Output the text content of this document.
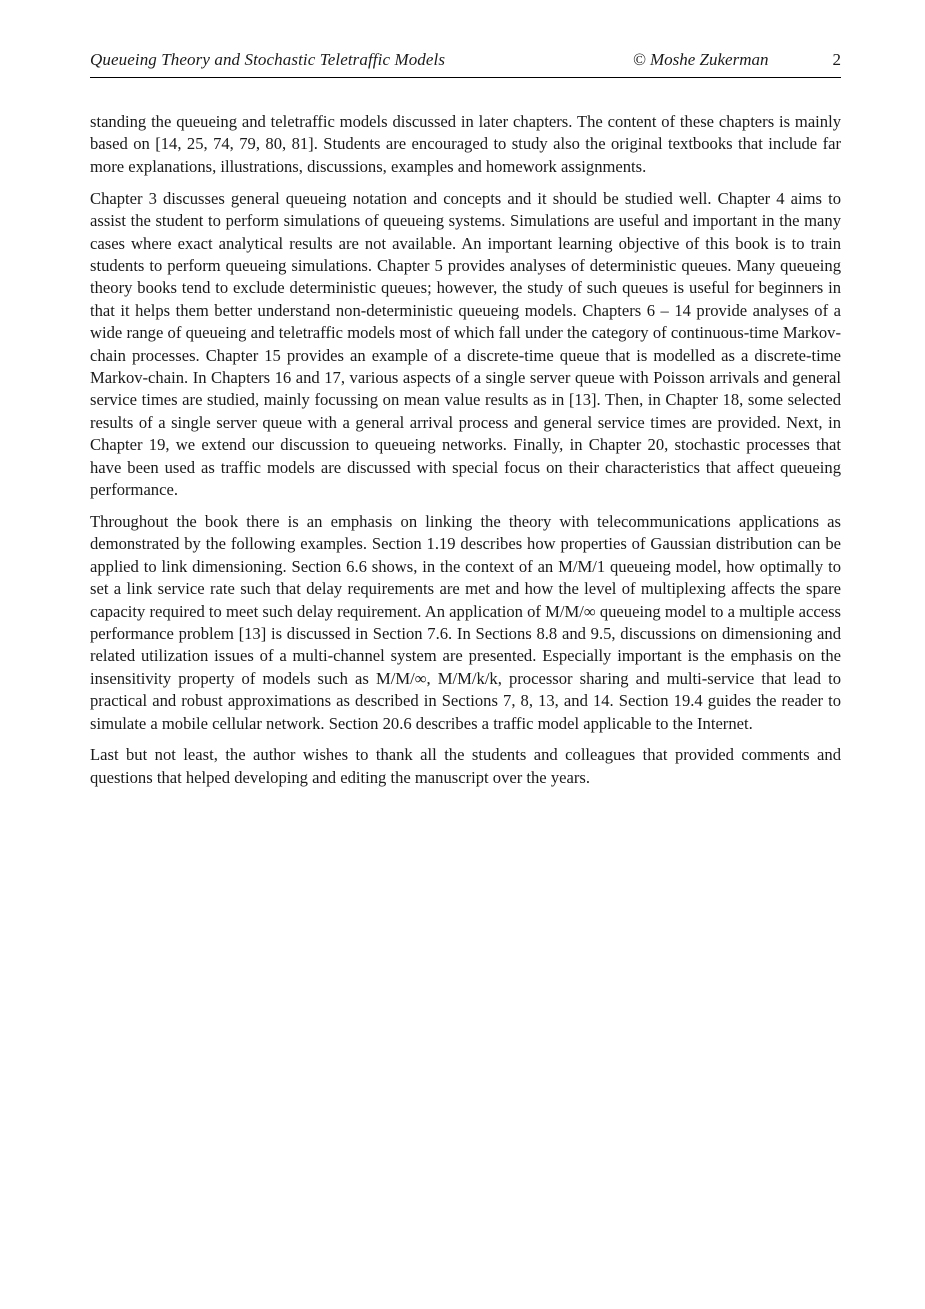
Queueing Theory and Stochastic Teletraffic Models	© Moshe Zukerman	2

standing the queueing and teletraffic models discussed in later chapters. The content of these chapters is mainly based on [14, 25, 74, 79, 80, 81]. Students are encouraged to study also the original textbooks that include far more explanations, illustrations, discussions, examples and homework assignments.

Chapter 3 discusses general queueing notation and concepts and it should be studied well. Chapter 4 aims to assist the student to perform simulations of queueing systems. Simulations are useful and important in the many cases where exact analytical results are not available. An important learning objective of this book is to train students to perform queueing simulations. Chapter 5 provides analyses of deterministic queues. Many queueing theory books tend to exclude deterministic queues; however, the study of such queues is useful for beginners in that it helps them better understand non-deterministic queueing models. Chapters 6 – 14 provide analyses of a wide range of queueing and teletraffic models most of which fall under the category of continuous-time Markov-chain processes. Chapter 15 provides an example of a discrete-time queue that is modelled as a discrete-time Markov-chain. In Chapters 16 and 17, various aspects of a single server queue with Poisson arrivals and general service times are studied, mainly focussing on mean value results as in [13]. Then, in Chapter 18, some selected results of a single server queue with a general arrival process and general service times are provided. Next, in Chapter 19, we extend our discussion to queueing networks. Finally, in Chapter 20, stochastic processes that have been used as traffic models are discussed with special focus on their characteristics that affect queueing performance.

Throughout the book there is an emphasis on linking the theory with telecommunications applications as demonstrated by the following examples. Section 1.19 describes how properties of Gaussian distribution can be applied to link dimensioning. Section 6.6 shows, in the context of an M/M/1 queueing model, how optimally to set a link service rate such that delay requirements are met and how the level of multiplexing affects the spare capacity required to meet such delay requirement. An application of M/M/∞ queueing model to a multiple access performance problem [13] is discussed in Section 7.6. In Sections 8.8 and 9.5, discussions on dimensioning and related utilization issues of a multi-channel system are presented. Especially important is the emphasis on the insensitivity property of models such as M/M/∞, M/M/k/k, processor sharing and multi-service that lead to practical and robust approximations as described in Sections 7, 8, 13, and 14. Section 19.4 guides the reader to simulate a mobile cellular network. Section 20.6 describes a traffic model applicable to the Internet.

Last but not least, the author wishes to thank all the students and colleagues that provided comments and questions that helped developing and editing the manuscript over the years.
